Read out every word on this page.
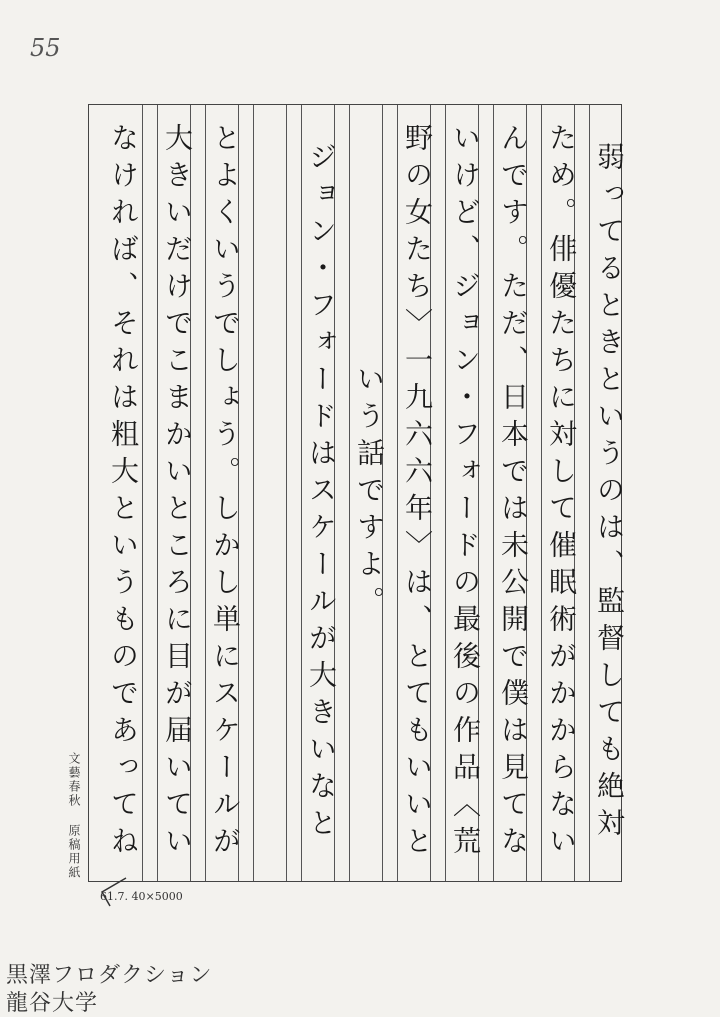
55
弱ってるときというのは、監督しても絶対
ため。俳優たちに対して催眠術がかからない
んです。ただ、日本では未公開で僕は見てな
いけど、ジョン・フォードの最後の作品〈荒
野の女たち〉一九六六年〉は、とてもいいと
いう話ですよ。
ジョン・フォードはスケールが大きいなと
とよくいうでしょう。しかし単にスケールが
大きいだけでこまかいところに目が届いてい
なければ、それは粗大というものであってね
文藝春秋 原稿用紙
61.7. 40×5000
黒澤フロダクション
龍谷大学
